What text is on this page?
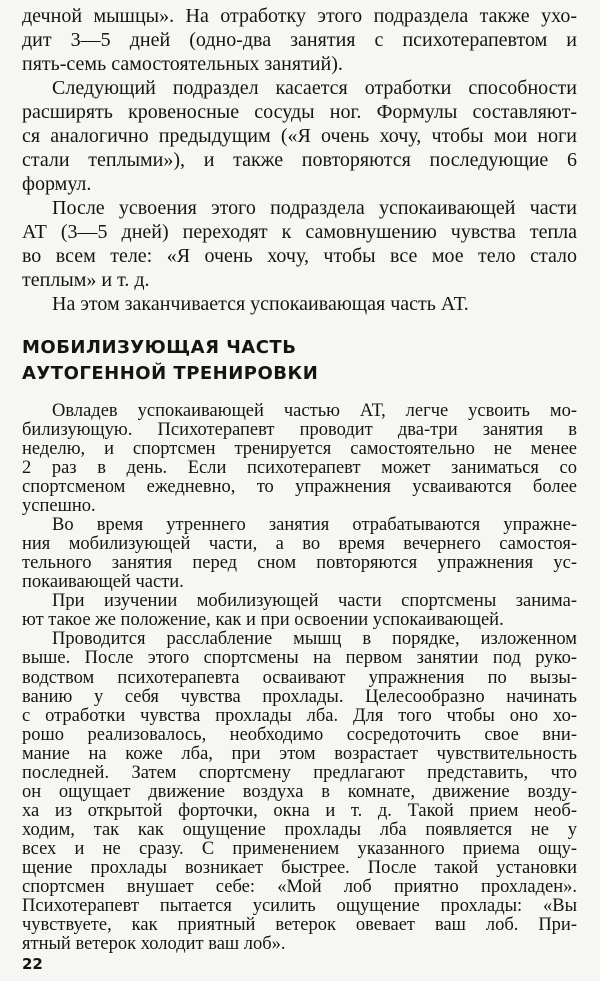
дечной мышцы». На отработку этого подраздела также ухо-
дит 3—5 дней (одно-два занятия с психотерапевтом и
пять-семь самостоятельных занятий).
Следующий подраздел касается отработки способности
расширять кровеносные сосуды ног. Формулы составляют-
ся аналогично предыдущим («Я очень хочу, чтобы мои ноги
стали теплыми»), и также повторяются последующие 6
формул.
После усвоения этого подраздела успокаивающей части
АТ (3—5 дней) переходят к самовнушению чувства тепла
во всем теле: «Я очень хочу, чтобы все мое тело стало
теплым» и т. д.
На этом заканчивается успокаивающая часть АТ.
МОБИЛИЗУЮЩАЯ ЧАСТЬ
АУТОГЕННОЙ ТРЕНИРОВКИ
Овладев успокаивающей частью АТ, легче усвоить мо-
билизующую. Психотерапевт проводит два-три занятия в
неделю, и спортсмен тренируется самостоятельно не менее
2 раз в день. Если психотерапевт может заниматься со
спортсменом ежедневно, то упражнения усваиваются более
успешно.
Во время утреннего занятия отрабатываются упражне-
ния мобилизующей части, а во время вечернего самостоя-
тельного занятия перед сном повторяются упражнения ус-
покаивающей части.
При изучении мобилизующей части спортсмены занима-
ют такое же положение, как и при освоении успокаивающей.
Проводится расслабление мышц в порядке, изложенном
выше. После этого спортсмены на первом занятии под руко-
водством психотерапевта осваивают упражнения по вызы-
ванию у себя чувства прохлады. Целесообразно начинать
с отработки чувства прохлады лба. Для того чтобы оно хо-
рошо реализовалось, необходимо сосредоточить свое вни-
мание на коже лба, при этом возрастает чувствительность
последней. Затем спортсмену предлагают представить, что
он ощущает движение воздуха в комнате, движение возду-
ха из открытой форточки, окна и т. д. Такой прием необ-
ходим, так как ощущение прохлады лба появляется не у
всех и не сразу. С применением указанного приема ощу-
щение прохлады возникает быстрее. После такой установки
спортсмен внушает себе: «Мой лоб приятно прохладен».
Психотерапевт пытается усилить ощущение прохлады: «Вы
чувствуете, как приятный ветерок овевает ваш лоб. При-
ятный ветерок холодит ваш лоб».
22
